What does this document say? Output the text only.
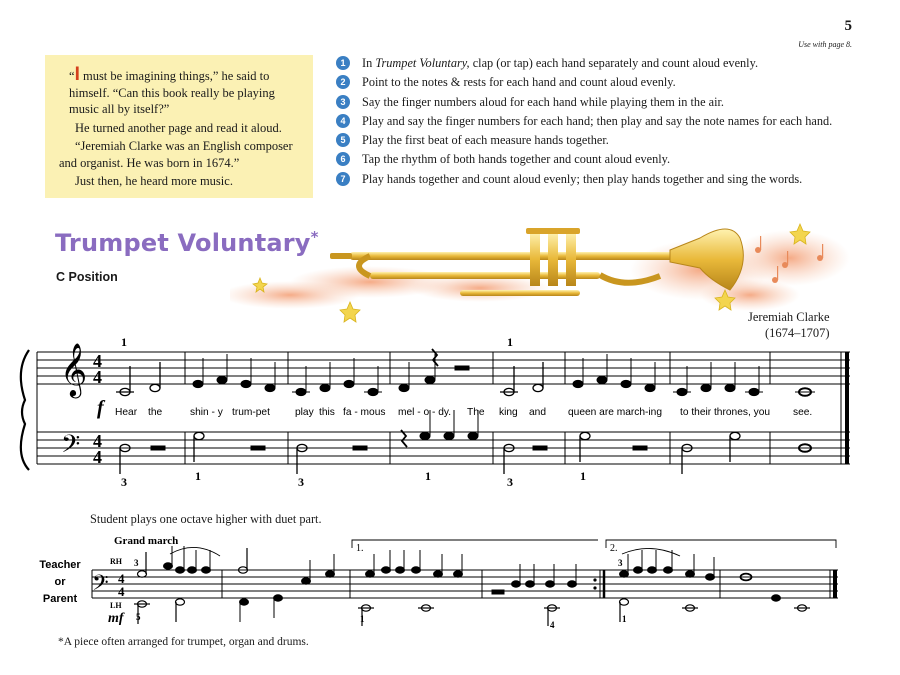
5
Use with page 8.

“I must be imagining things,” he said to himself. “Can this book really be playing music all by itself?”

He turned another page and read it aloud.

“Jeremiah Clarke was an English composer and organist. He was born in 1674.”

Just then, he heard more music.

1	In Trumpet Voluntary, clap (or tap) each hand separately and count aloud evenly.
2	Point to the notes & rests for each hand and count aloud evenly.
3	Say the finger numbers aloud for each hand while playing them in the air.
4	Play and say the finger numbers for each hand; then play and say the note names for each hand.
5	Play the first beat of each measure hands together.
6	Tap the rhythm of both hands together and count aloud evenly.
7	Play hands together and count aloud evenly; then play hands together and sing the words.
Trumpet Voluntary*
C Position
Jeremiah Clarke
(1674–1707)
𝄞
𝄢
4
4
4
4
1	1
3	1	3	1	3	1
f Hear the	shin - y trum-pet play this fa - mous mel - o - dy. The king and queen are march-ing to their thrones, you see.
Student plays one octave higher with duet part.
Grand march
Teacher
or
Parent
RH
LH
mf
𝄢 4
4
1.	2.
3
5	1
4
3
1
*A piece often arranged for trumpet, organ and drums.
